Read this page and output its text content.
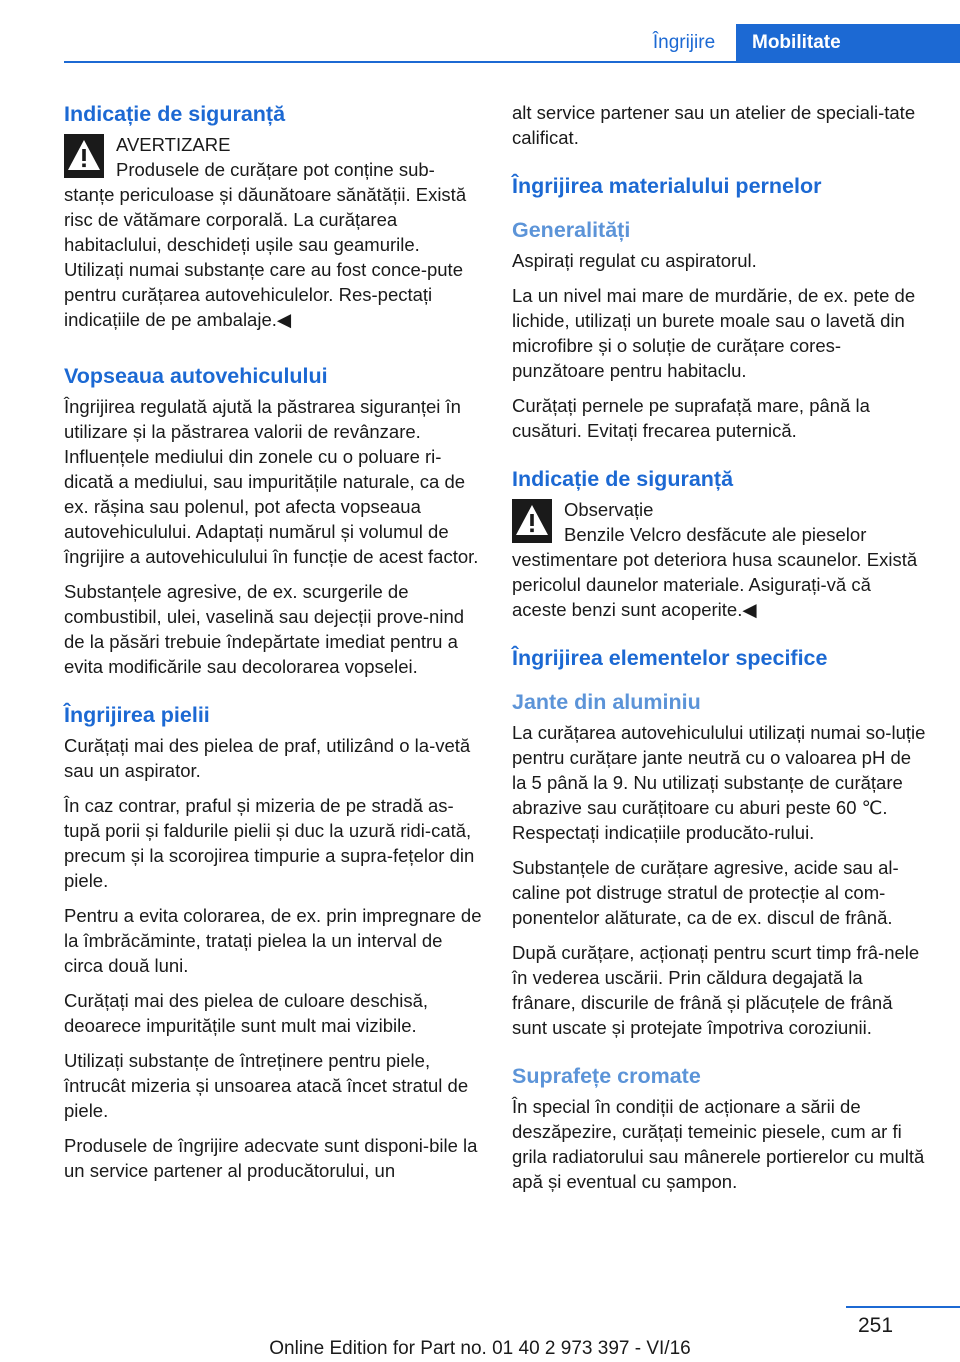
Îngrijire	Mobilitate
Indicație de siguranță
AVERTIZARE

Produsele de curățare pot conține sub‐stanțe periculoase și dăunătoare sănătății. Există risc de vătămare corporală. La curățarea habitaclului, deschideți ușile sau geamurile. Utilizați numai substanțe care au fost conce‐pute pentru curățarea autovehiculelor. Res‐pectați indicațiile de pe ambalaje.◀

Vopseaua autovehiculului

Îngrijirea regulată ajută la păstrarea siguranței în utilizare și la păstrarea valorii de revânzare. Influențele mediului din zonele cu o poluare ri‐dicată a mediului, sau impuritățile naturale, ca de ex. rășina sau polenul, pot afecta vopseaua autovehiculului. Adaptați numărul și volumul de îngrijire a autovehiculului în funcție de acest factor.

Substanțele agresive, de ex. scurgerile de combustibil, ulei, vaselină sau dejecții prove‐nind de la păsări trebuie îndepărtate imediat pentru a evita modificările sau decolorarea vopselei.

Îngrijirea pielii

Curățați mai des pielea de praf, utilizând o la‐vetă sau un aspirator.

În caz contrar, praful și mizeria de pe stradă as‐tupă porii și faldurile pielii și duc la uzură ridi‐cată, precum și la scorojirea timpurie a supra‐fețelor din piele.

Pentru a evita colorarea, de ex. prin impregnare de la îmbrăcăminte, tratați pielea la un interval de circa două luni.

Curățați mai des pielea de culoare deschisă, deoarece impuritățile sunt mult mai vizibile.

Utilizați substanțe de întreținere pentru piele, întrucât mizeria și unsoarea atacă încet stratul de piele.

Produsele de îngrijire adecvate sunt disponi‐bile la un service partener al producătorului, un

alt service partener sau un atelier de speciali‐tate calificat.

Îngrijirea materialului pernelor
Generalități

Aspirați regulat cu aspiratorul.

La un nivel mai mare de murdărie, de ex. pete de lichide, utilizați un burete moale sau o lavetă din microfibre și o soluție de curățare cores‐punzătoare pentru habitaclu.

Curățați pernele pe suprafață mare, până la cusături. Evitați frecarea puternică.

Indicație de siguranță
Observație

Benzile Velcro desfăcute ale pieselor vestimentare pot deteriora husa scaunelor. Există pericolul daunelor materiale. Asigurați-vă că aceste benzi sunt acoperite.◀

Îngrijirea elementelor specifice
Jante din aluminiu

La curățarea autovehiculului utilizați numai so‐luție pentru curățare jante neutră cu o valoarea pH de la 5 până la 9. Nu utilizați substanțe de curățare abrazive sau curățitoare cu aburi peste 60 ℃. Respectați indicațiile producăto‐rului.

Substanțele de curățare agresive, acide sau al‐caline pot distruge stratul de protecție al com‐ponentelor alăturate, ca de ex. discul de frână.

După curățare, acționați pentru scurt timp frâ‐nele în vederea uscării. Prin căldura degajată la frânare, discurile de frână și plăcuțele de frână sunt uscate și protejate împotriva coroziunii.

Suprafețe cromate

În special în condiții de acționare a sării de deszăpezire, curățați temeinic piesele, cum ar fi grila radiatorului sau mânerele portierelor cu multă apă și eventual cu șampon.

251
Online Edition for Part no. 01 40 2 973 397 - VI/16
